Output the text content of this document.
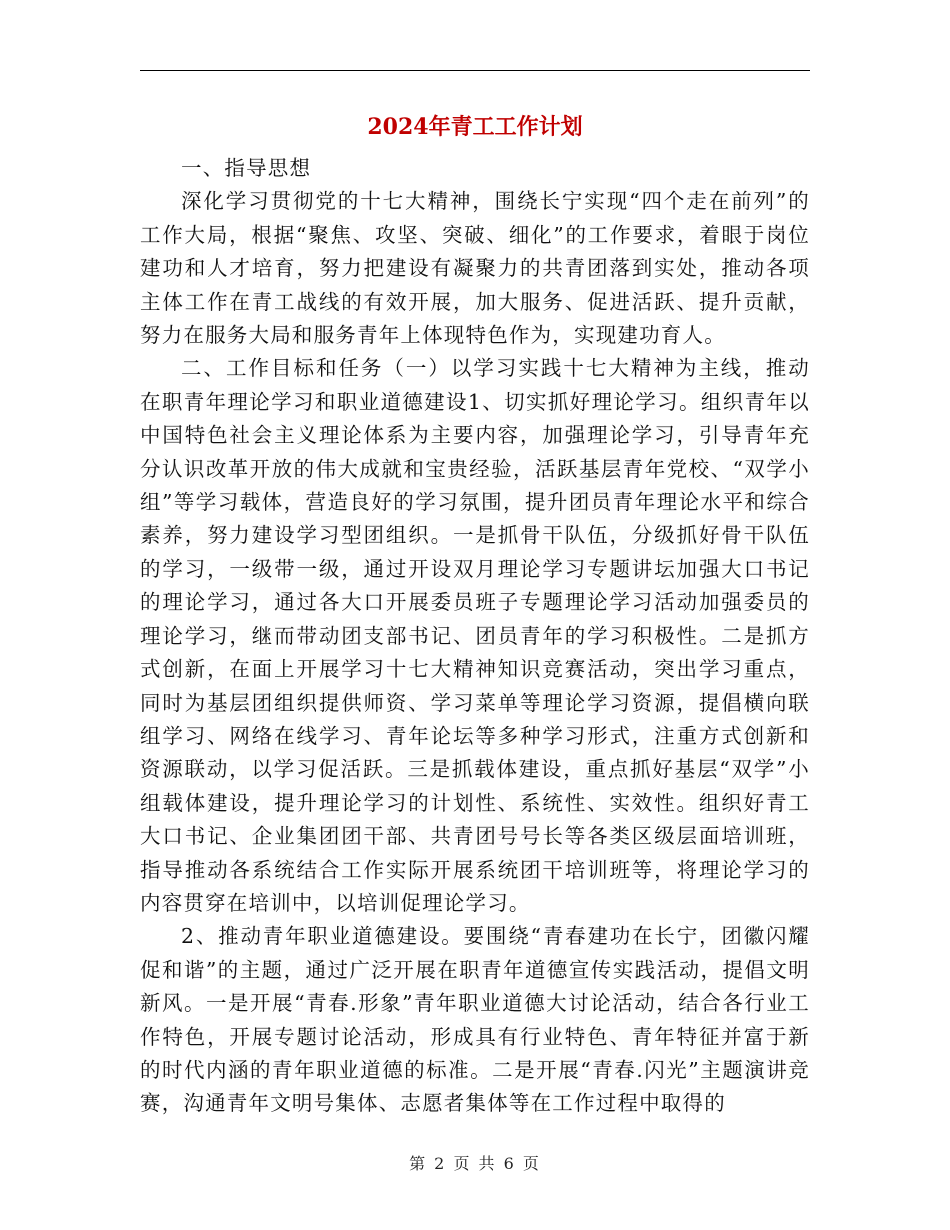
2024年青工工作计划

一、指导思想

深化学习贯彻党的十七大精神，围绕长宁实现“四个走在前列”的工作大局，根据“聚焦、攻坚、突破、细化”的工作要求，着眼于岗位建功和人才培育，努力把建设有凝聚力的共青团落到实处，推动各项主体工作在青工战线的有效开展，加大服务、促进活跃、提升贡献，努力在服务大局和服务青年上体现特色作为，实现建功育人。

二、工作目标和任务（一）以学习实践十七大精神为主线，推动在职青年理论学习和职业道德建设1、切实抓好理论学习。组织青年以中国特色社会主义理论体系为主要内容，加强理论学习，引导青年充分认识改革开放的伟大成就和宝贵经验，活跃基层青年党校、“双学小组”等学习载体，营造良好的学习氛围，提升团员青年理论水平和综合素养，努力建设学习型团组织。一是抓骨干队伍，分级抓好骨干队伍的学习，一级带一级，通过开设双月理论学习专题讲坛加强大口书记的理论学习，通过各大口开展委员班子专题理论学习活动加强委员的理论学习，继而带动团支部书记、团员青年的学习积极性。二是抓方式创新，在面上开展学习十七大精神知识竞赛活动，突出学习重点，同时为基层团组织提供师资、学习菜单等理论学习资源，提倡横向联组学习、网络在线学习、青年论坛等多种学习形式，注重方式创新和资源联动，以学习促活跃。三是抓载体建设，重点抓好基层“双学”小组载体建设，提升理论学习的计划性、系统性、实效性。组织好青工大口书记、企业集团团干部、共青团号号长等各类区级层面培训班，指导推动各系统结合工作实际开展系统团干培训班等，将理论学习的内容贯穿在培训中，以培训促理论学习。

2、推动青年职业道德建设。要围绕“青春建功在长宁，团徽闪耀促和谐”的主题，通过广泛开展在职青年道德宣传实践活动，提倡文明新风。一是开展“青春.形象”青年职业道德大讨论活动，结合各行业工作特色，开展专题讨论活动，形成具有行业特色、青年特征并富于新的时代内涵的青年职业道德的标准。二是开展“青春.闪光”主题演讲竞赛，沟通青年文明号集体、志愿者集体等在工作过程中取得的

第 2 页 共 6 页
